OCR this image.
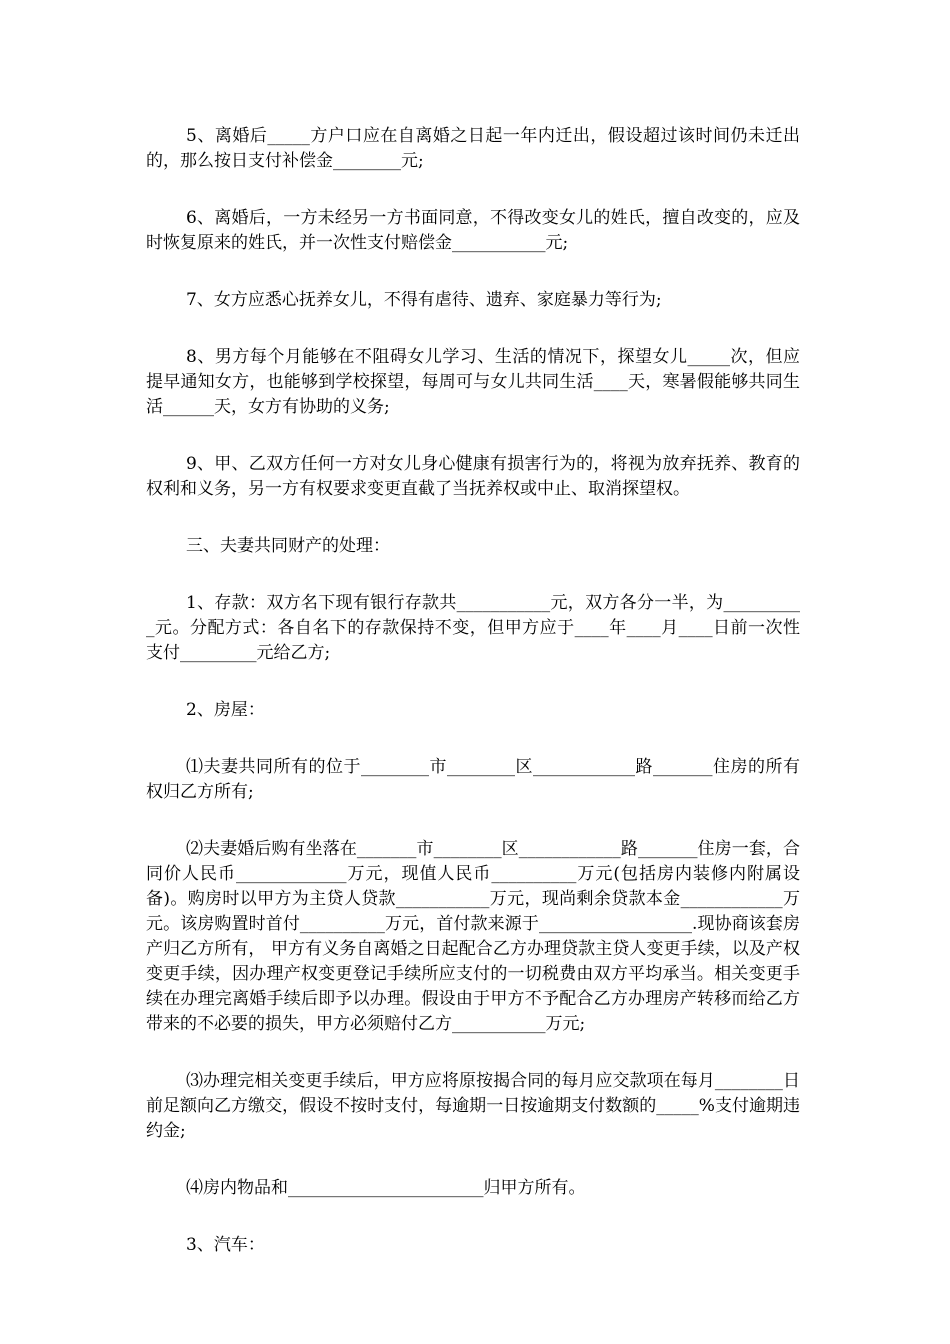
5、离婚后_____方户口应在自离婚之日起一年内迁出，假设超过该时间仍未迁出的，那么按日支付补偿金________元;

6、离婚后，一方未经另一方书面同意，不得改变女儿的姓氏，擅自改变的，应及时恢复原来的姓氏，并一次性支付赔偿金___________元;

7、女方应悉心抚养女儿，不得有虐待、遗弃、家庭暴力等行为;

8、男方每个月能够在不阻碍女儿学习、生活的情况下，探望女儿_____次，但应提早通知女方，也能够到学校探望，每周可与女儿共同生活____天，寒暑假能够共同生活______天，女方有协助的义务;

9、甲、乙双方任何一方对女儿身心健康有损害行为的，将视为放弃抚养、教育的权利和义务，另一方有权要求变更直截了当抚养权或中止、取消探望权。

三、夫妻共同财产的处理：

1、存款：双方名下现有银行存款共___________元，双方各分一半，为__________元。分配方式：各自名下的存款保持不变，但甲方应于____年____月____日前一次性支付_________元给乙方;

2、房屋：

⑴夫妻共同所有的位于________市________区____________路_______住房的所有权归乙方所有;

⑵夫妻婚后购有坐落在_______市________区____________路_______住房一套，合同价人民币_____________万元，现值人民币__________万元(包括房内装修内附属设备)。购房时以甲方为主贷人贷款___________万元，现尚剩余贷款本金____________万元。该房购置时首付__________万元，首付款来源于__________________.现协商该套房产归乙方所有， 甲方有义务自离婚之日起配合乙方办理贷款主贷人变更手续，以及产权变更手续，因办理产权变更登记手续所应支付的一切税费由双方平均承当。相关变更手续在办理完离婚手续后即予以办理。假设由于甲方不予配合乙方办理房产转移而给乙方带来的不必要的损失，甲方必须赔付乙方___________万元;

⑶办理完相关变更手续后，甲方应将原按揭合同的每月应交款项在每月________日前足额向乙方缴交，假设不按时支付，每逾期一日按逾期支付数额的_____%支付逾期违约金;

⑷房内物品和_______________________归甲方所有。

3、汽车：
